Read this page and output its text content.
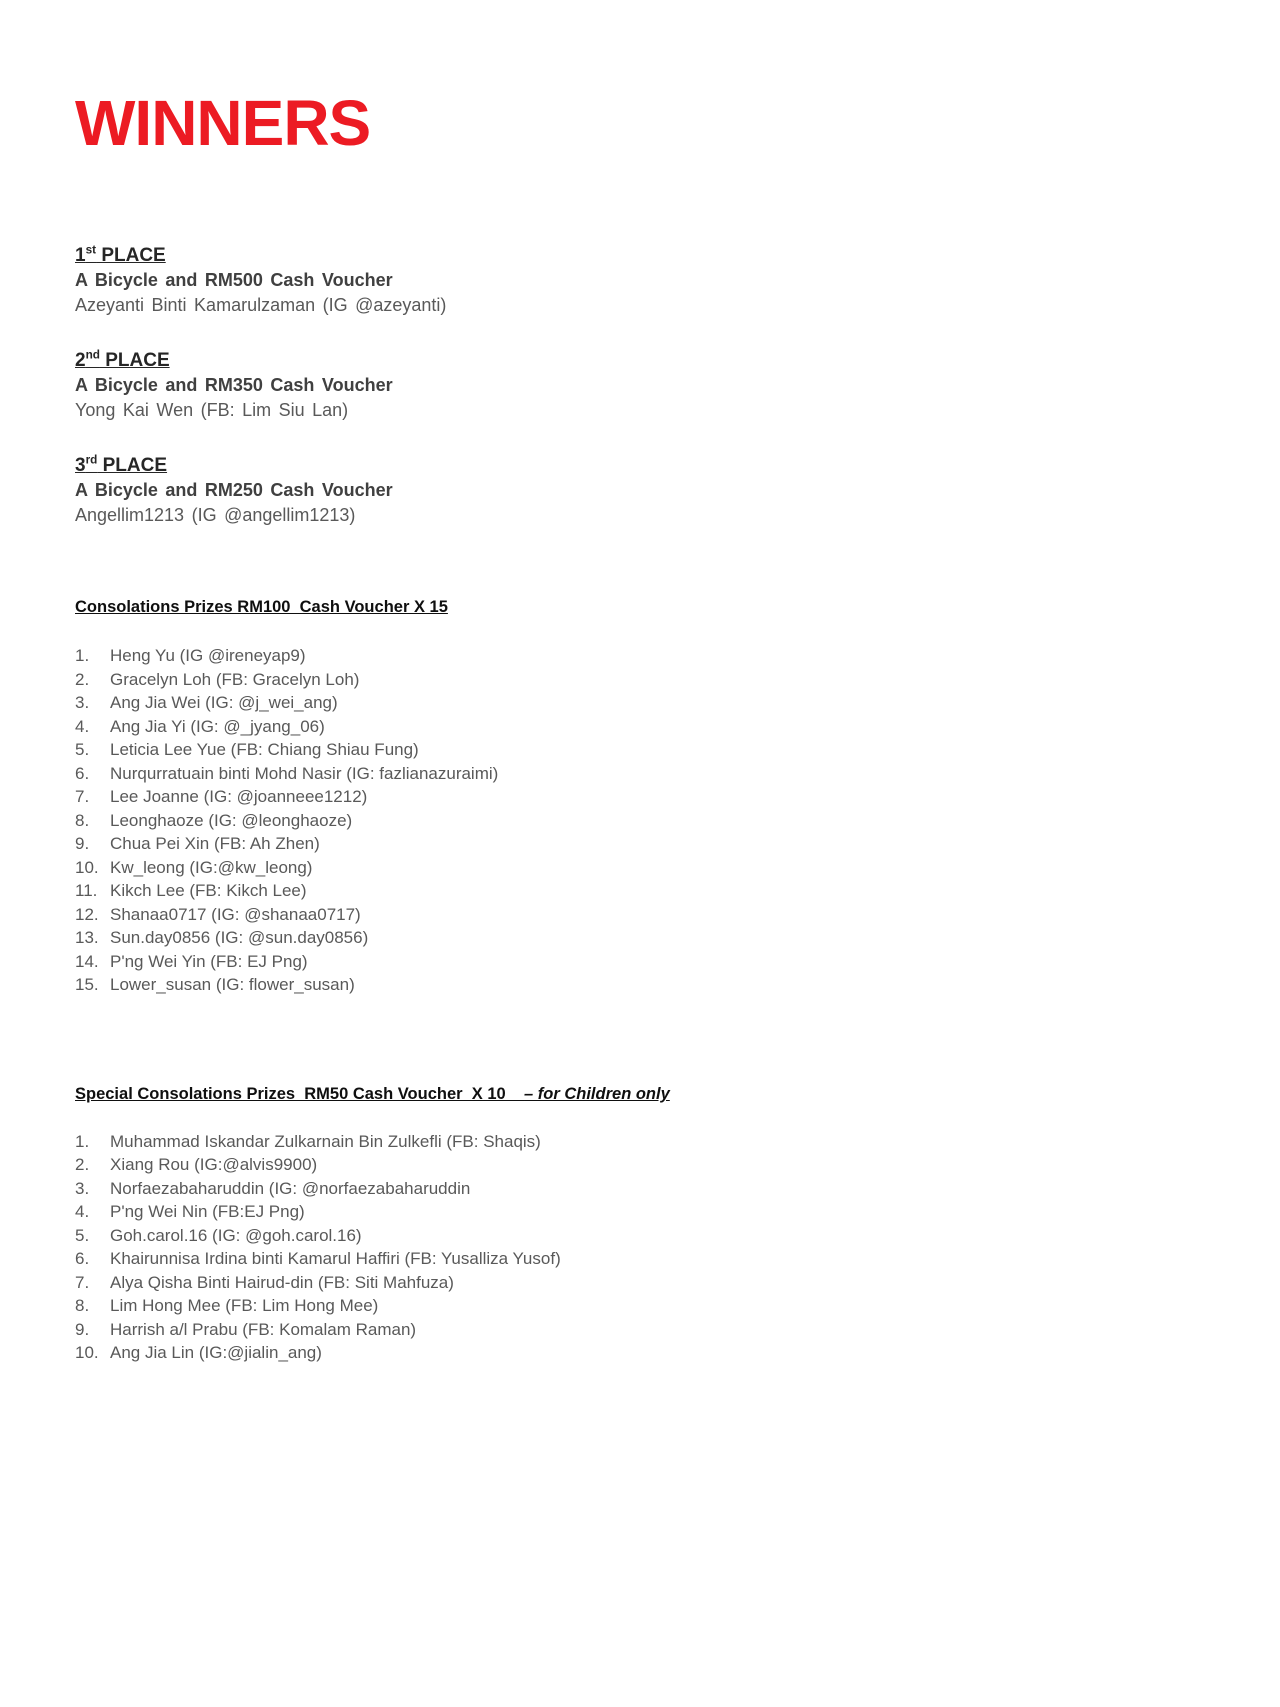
WINNERS
1st PLACE
A Bicycle and RM500 Cash Voucher
Azeyanti Binti Kamarulzaman (IG @azeyanti)
2nd PLACE
A Bicycle and RM350 Cash Voucher
Yong Kai Wen (FB: Lim Siu Lan)
3rd PLACE
A Bicycle and RM250 Cash Voucher
Angellim1213 (IG @angellim1213)
Consolations Prizes RM100  Cash Voucher X 15
1.	Heng Yu (IG @ireneyap9)
2.	Gracelyn Loh (FB: Gracelyn Loh)
3.	Ang Jia Wei (IG: @j_wei_ang)
4.	Ang Jia Yi (IG: @_jyang_06)
5.	Leticia Lee Yue (FB: Chiang Shiau Fung)
6.	Nurqurratuain binti Mohd Nasir (IG: fazlianazuraimi)
7.	Lee Joanne (IG: @joanneee1212)
8.	Leonghaoze (IG: @leonghaoze)
9.	Chua Pei Xin (FB: Ah Zhen)
10. Kw_leong (IG:@kw_leong)
11. Kikch Lee (FB: Kikch Lee)
12. Shanaa0717 (IG: @shanaa0717)
13. Sun.day0856 (IG: @sun.day0856)
14. P'ng Wei Yin (FB: EJ Png)
15. Lower_susan (IG: flower_susan)
Special Consolations Prizes  RM50 Cash Voucher  X 10    – for Children only
1.	Muhammad Iskandar Zulkarnain Bin Zulkefli (FB: Shaqis)
2.	Xiang Rou (IG:@alvis9900)
3.	Norfaezabaharuddin (IG: @norfaezabaharuddin
4.	P'ng Wei Nin (FB:EJ Png)
5.	Goh.carol.16 (IG: @goh.carol.16)
6.	Khairunnisa Irdina binti Kamarul Haffiri (FB: Yusalliza Yusof)
7.	Alya Qisha Binti Hairud-din (FB: Siti Mahfuza)
8.	Lim Hong Mee (FB: Lim Hong Mee)
9.	Harrish a/l Prabu (FB: Komalam Raman)
10. Ang Jia Lin (IG:@jialin_ang)
